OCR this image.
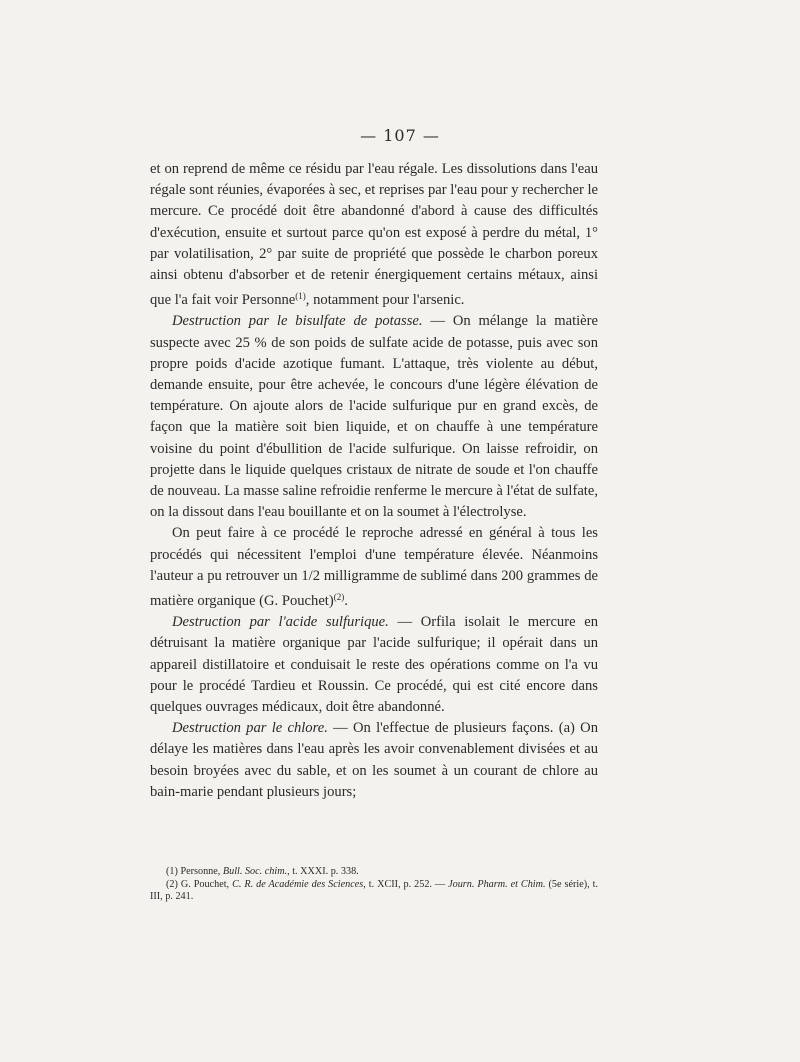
— 107 —

et on reprend de même ce résidu par l'eau régale. Les dissolutions dans l'eau régale sont réunies, évaporées à sec, et reprises par l'eau pour y rechercher le mercure. Ce procédé doit être abandonné d'abord à cause des difficultés d'exécution, ensuite et surtout parce qu'on est exposé à perdre du métal, 1° par volatilisation, 2° par suite de propriété que possède le charbon poreux ainsi obtenu d'absorber et de retenir énergiquement certains métaux, ainsi que l'a fait voir Personne$^{(1)}$, notamment pour l'arsenic.

Destruction par le bisulfate de potasse. — On mélange la matière suspecte avec 25 % de son poids de sulfate acide de potasse, puis avec son propre poids d'acide azotique fumant. L'attaque, très violente au début, demande ensuite, pour être achevée, le concours d'une légère élévation de température. On ajoute alors de l'acide sulfurique pur en grand excès, de façon que la matière soit bien liquide, et on chauffe à une température voisine du point d'ébullition de l'acide sulfurique. On laisse refroidir, on projette dans le liquide quelques cristaux de nitrate de soude et l'on chauffe de nouveau. La masse saline refroidie renferme le mercure à l'état de sulfate, on la dissout dans l'eau bouillante et on la soumet à l'électrolyse.

On peut faire à ce procédé le reproche adressé en général à tous les procédés qui nécessitent l'emploi d'une température élevée. Néanmoins l'auteur a pu retrouver un 1/2 milligramme de sublimé dans 200 grammes de matière organique (G. Pouchet)$^{(2)}$.

Destruction par l'acide sulfurique. — Orfila isolait le mercure en détruisant la matière organique par l'acide sulfurique; il opérait dans un appareil distillatoire et conduisait le reste des opérations comme on l'a vu pour le procédé Tardieu et Roussin. Ce procédé, qui est cité encore dans quelques ouvrages médicaux, doit être abandonné.

Destruction par le chlore. — On l'effectue de plusieurs façons. (a) On délaye les matières dans l'eau après les avoir convenablement divisées et au besoin broyées avec du sable, et on les soumet à un courant de chlore au bain-marie pendant plusieurs jours;

(1) Personne, Bull. Soc. chim., t. XXXI. p. 338.

(2) G. Pouchet, C. R. de Académie des Sciences, t. XCII, p. 252. — Journ. Pharm. et Chim. (5e série), t. III, p. 241.
